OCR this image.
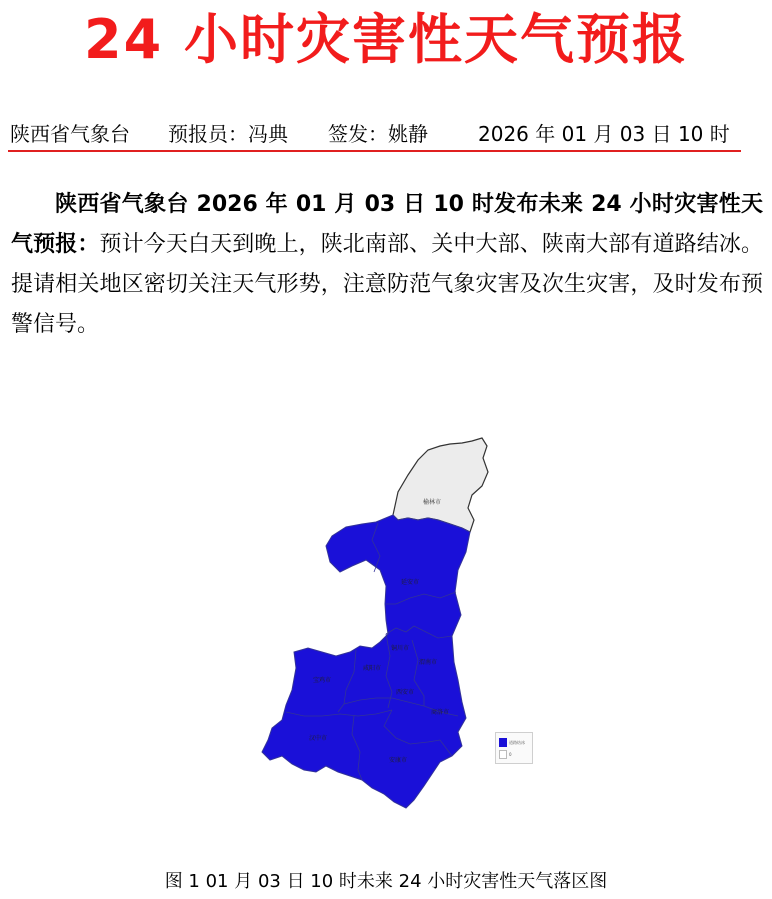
24 小时灾害性天气预报
陕西省气象台 预报员：冯典 签发：姚静	2026 年 01 月 03 日 10 时

陕西省气象台 2026 年 01 月 03 日 10 时发布未来 24 小时灾害性天气预报：预计今天白天到晚上，陕北南部、关中大部、陕南大部有道路结冰。提请相关地区密切关注天气形势，注意防范气象灾害及次生灾害，及时发布预警信号。

榆林市
延安市
铜川市
宝鸡市
咸阳市
渭南市
西安市
汉中市
安康市
商洛市
道路结冰
0
图 1 01 月 03 日 10 时未来 24 小时灾害性天气落区图
